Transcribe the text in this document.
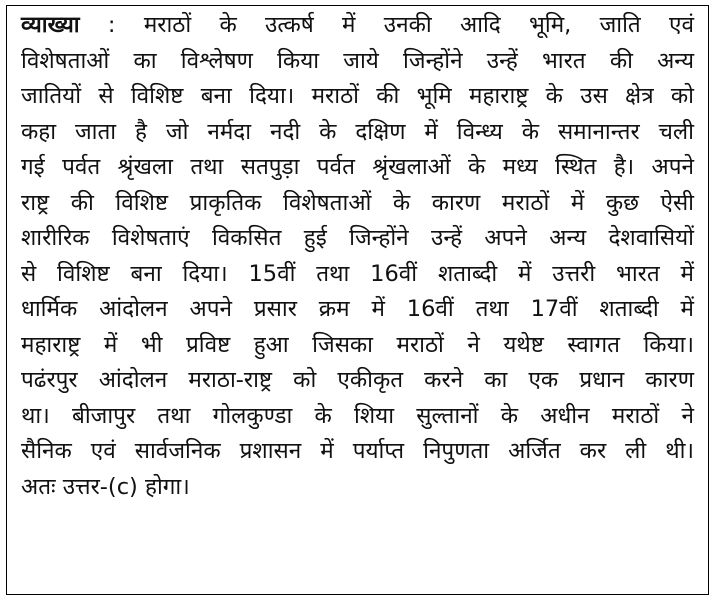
व्याख्या : मराठों के उत्कर्ष में उनकी आदि भूमि, जाति एवं
विशेषताओं का विश्लेषण किया जाये जिन्होंने उन्हें भारत की अन्य
जातियों से विशिष्ट बना दिया। मराठों की भूमि महाराष्ट्र के उस क्षेत्र को
कहा जाता है जो नर्मदा नदी के दक्षिण में विन्ध्य के समानान्तर चली
गई पर्वत श्रृंखला तथा सतपुड़ा पर्वत श्रृंखलाओं के मध्य स्थित है। अपने
राष्ट्र की विशिष्ट प्राकृतिक विशेषताओं के कारण मराठों में कुछ ऐसी
शारीरिक विशेषताएं विकसित हुई जिन्होंने उन्हें अपने अन्य देशवासियों
से विशिष्ट बना दिया। 15वीं तथा 16वीं शताब्दी में उत्तरी भारत में
धार्मिक आंदोलन अपने प्रसार क्रम में 16वीं तथा 17वीं शताब्दी में
महाराष्ट्र में भी प्रविष्ट हुआ जिसका मराठों ने यथेष्ट स्वागत किया।
पढंरपुर आंदोलन मराठा-राष्ट्र को एकीकृत करने का एक प्रधान कारण
था। बीजापुर तथा गोलकुण्डा के शिया सुल्तानों के अधीन मराठों ने
सैनिक एवं सार्वजनिक प्रशासन में पर्याप्त निपुणता अर्जित कर ली थी।
अतः उत्तर-(c) होगा।
